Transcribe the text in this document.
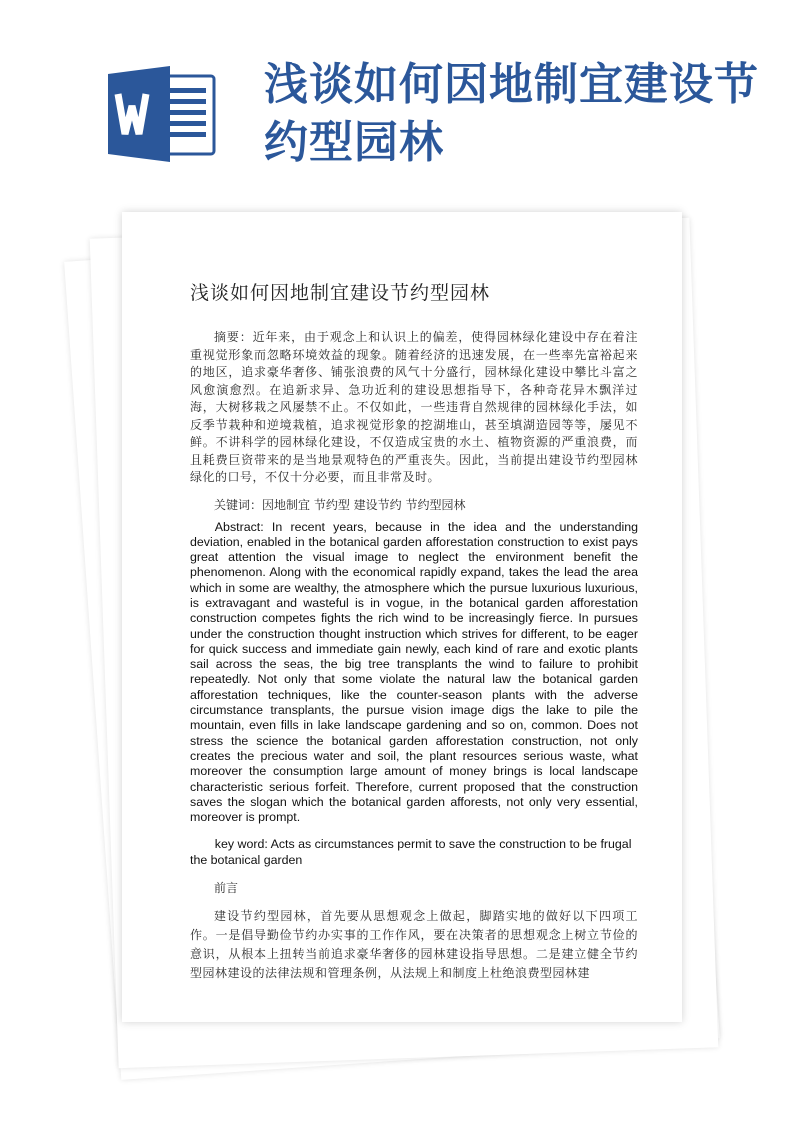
浅谈如何因地制宜建设节约型园林
浅谈如何因地制宜建设节约型园林

摘要：近年来，由于观念上和认识上的偏差，使得园林绿化建设中存在着注重视觉形象而忽略环境效益的现象。随着经济的迅速发展，在一些率先富裕起来的地区，追求豪华奢侈、铺张浪费的风气十分盛行，园林绿化建设中攀比斗富之风愈演愈烈。在追新求异、急功近利的建设思想指导下，各种奇花异木飘洋过海，大树移栽之风屡禁不止。不仅如此，一些违背自然规律的园林绿化手法，如反季节栽种和逆境栽植，追求视觉形象的挖湖堆山，甚至填湖造园等等，屡见不鲜。不讲科学的园林绿化建设，不仅造成宝贵的水土、植物资源的严重浪费，而且耗费巨资带来的是当地景观特色的严重丧失。因此，当前提出建设节约型园林绿化的口号，不仅十分必要，而且非常及时。

关键词：因地制宜 节约型 建设节约 节约型园林

Abstract: In recent years, because in the idea and the understanding deviation, enabled in the botanical garden afforestation construction to exist pays great attention the visual image to neglect the environment benefit the phenomenon. Along with the economical rapidly expand, takes the lead the area which in some are wealthy, the atmosphere which the pursue luxurious luxurious, is extravagant and wasteful is in vogue, in the botanical garden afforestation construction competes fights the rich wind to be increasingly fierce. In pursues under the construction thought instruction which strives for different, to be eager for quick success and immediate gain newly, each kind of rare and exotic plants sail across the seas, the big tree transplants the wind to failure to prohibit repeatedly. Not only that some violate the natural law the botanical garden afforestation techniques, like the counter-season plants with the adverse circumstance transplants, the pursue vision image digs the lake to pile the mountain, even fills in lake landscape gardening and so on, common. Does not stress the science the botanical garden afforestation construction, not only creates the precious water and soil, the plant resources serious waste, what moreover the consumption large amount of money brings is local landscape characteristic serious forfeit. Therefore, current proposed that the construction saves the slogan which the botanical garden afforests, not only very essential, moreover is prompt.

key word: Acts as circumstances permit to save the construction to be frugal the botanical garden

前言

建设节约型园林，首先要从思想观念上做起，脚踏实地的做好以下四项工作。一是倡导勤俭节约办实事的工作作风，要在决策者的思想观念上树立节俭的意识，从根本上扭转当前追求豪华奢侈的园林建设指导思想。二是建立健全节约型园林建设的法律法规和管理条例，从法规上和制度上杜绝浪费型园林建
